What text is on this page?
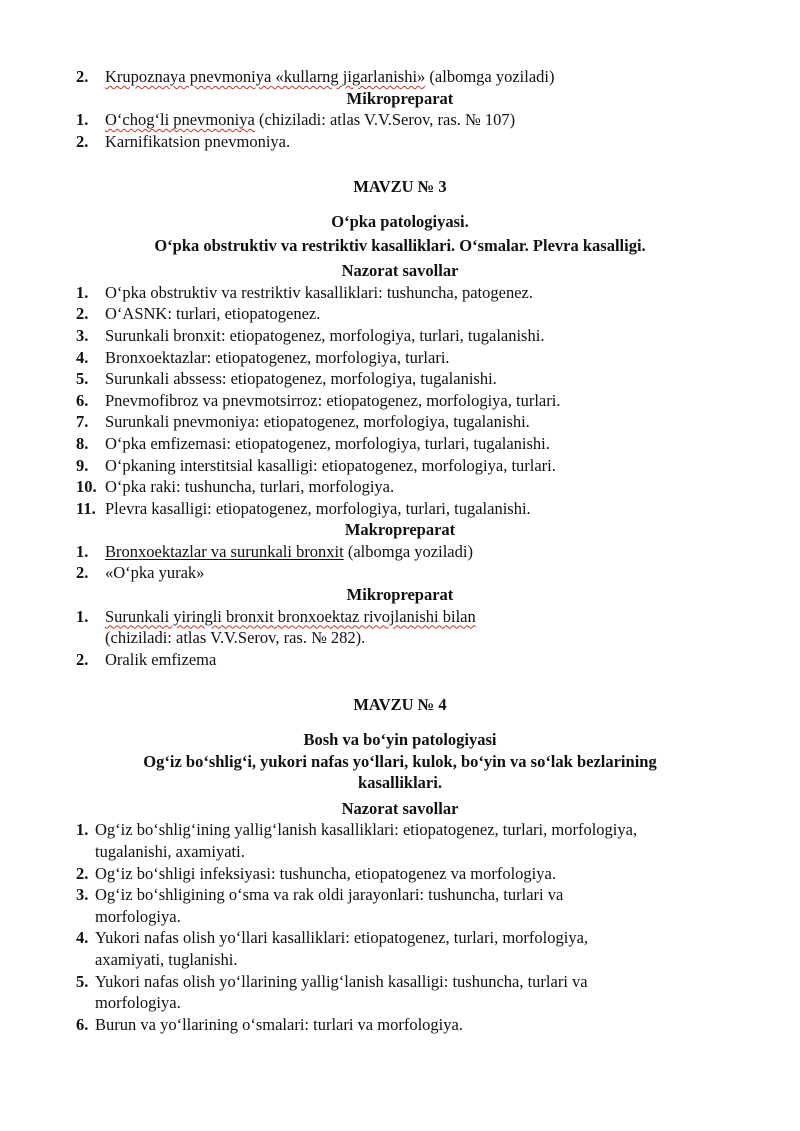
2. Krupoznaya pnevmoniya «kullarng jigarlanishi» (albomga yoziladi)
Mikropreparat
1. O‘chog‘li pnevmoniya (chiziladi: atlas V.V.Serov, ras. № 107)
2. Karnifikatsion pnevmoniya.
MAVZU № 3
O‘pka patologiyasi.
O‘pka obstruktiv va restriktiv kasalliklari. O‘smalar. Plevra kasalligi.
Nazorat savollar
1. O‘pka obstruktiv va restriktiv kasalliklari: tushuncha, patogenez.
2. O‘ASNK: turlari, etiopatogenez.
3. Surunkali bronxit: etiopatogenez, morfologiya, turlari, tugalanishi.
4. Bronxoektazlar: etiopatogenez, morfologiya, turlari.
5. Surunkali abssess: etiopatogenez, morfologiya, tugalanishi.
6. Pnevmofibroz va pnevmotsirroz: etiopatogenez, morfologiya, turlari.
7. Surunkali pnevmoniya: etiopatogenez, morfologiya, tugalanishi.
8. O‘pka emfizemasi: etiopatogenez, morfologiya, turlari, tugalanishi.
9. O‘pkaning interstitsial kasalligi: etiopatogenez, morfologiya, turlari.
10. O‘pka raki: tushuncha, turlari, morfologiya.
11. Plevra kasalligi: etiopatogenez, morfologiya, turlari, tugalanishi.
Makropreparat
1. Bronxoektazlar va surunkali bronxit (albomga yoziladi)
2. «O‘pka yurak»
Mikropreparat
1. Surunkali yiringli bronxit bronxoektaz rivojlanishi bilan
(chiziladi: atlas V.V.Serov, ras. № 282).
2. Oralik emfizema
MAVZU № 4
Bosh va bo‘yin patologiyasi
Og‘iz bo‘shlig‘i, yukori nafas yo‘llari, kulok, bo‘yin va so‘lak bezlarining
kasalliklari.
Nazorat savollar
1. Og‘iz bo‘shlig‘ining yallig‘lanish kasalliklari: etiopatogenez, turlari, morfologiya,
tugalanishi, axamiyati.
2. Og‘iz bo‘shligi infeksiyasi: tushuncha, etiopatogenez va morfologiya.
3. Og‘iz bo‘shligining o‘sma va rak oldi jarayonlari: tushuncha, turlari va
morfologiya.
4. Yukori nafas olish yo‘llari kasalliklari: etiopatogenez, turlari, morfologiya,
axamiyati, tuglanishi.
5. Yukori nafas olish yo‘llarining yallig‘lanish kasalligi: tushuncha, turlari va
morfologiya.
6. Burun va yo‘llarining o‘smalari: turlari va morfologiya.
